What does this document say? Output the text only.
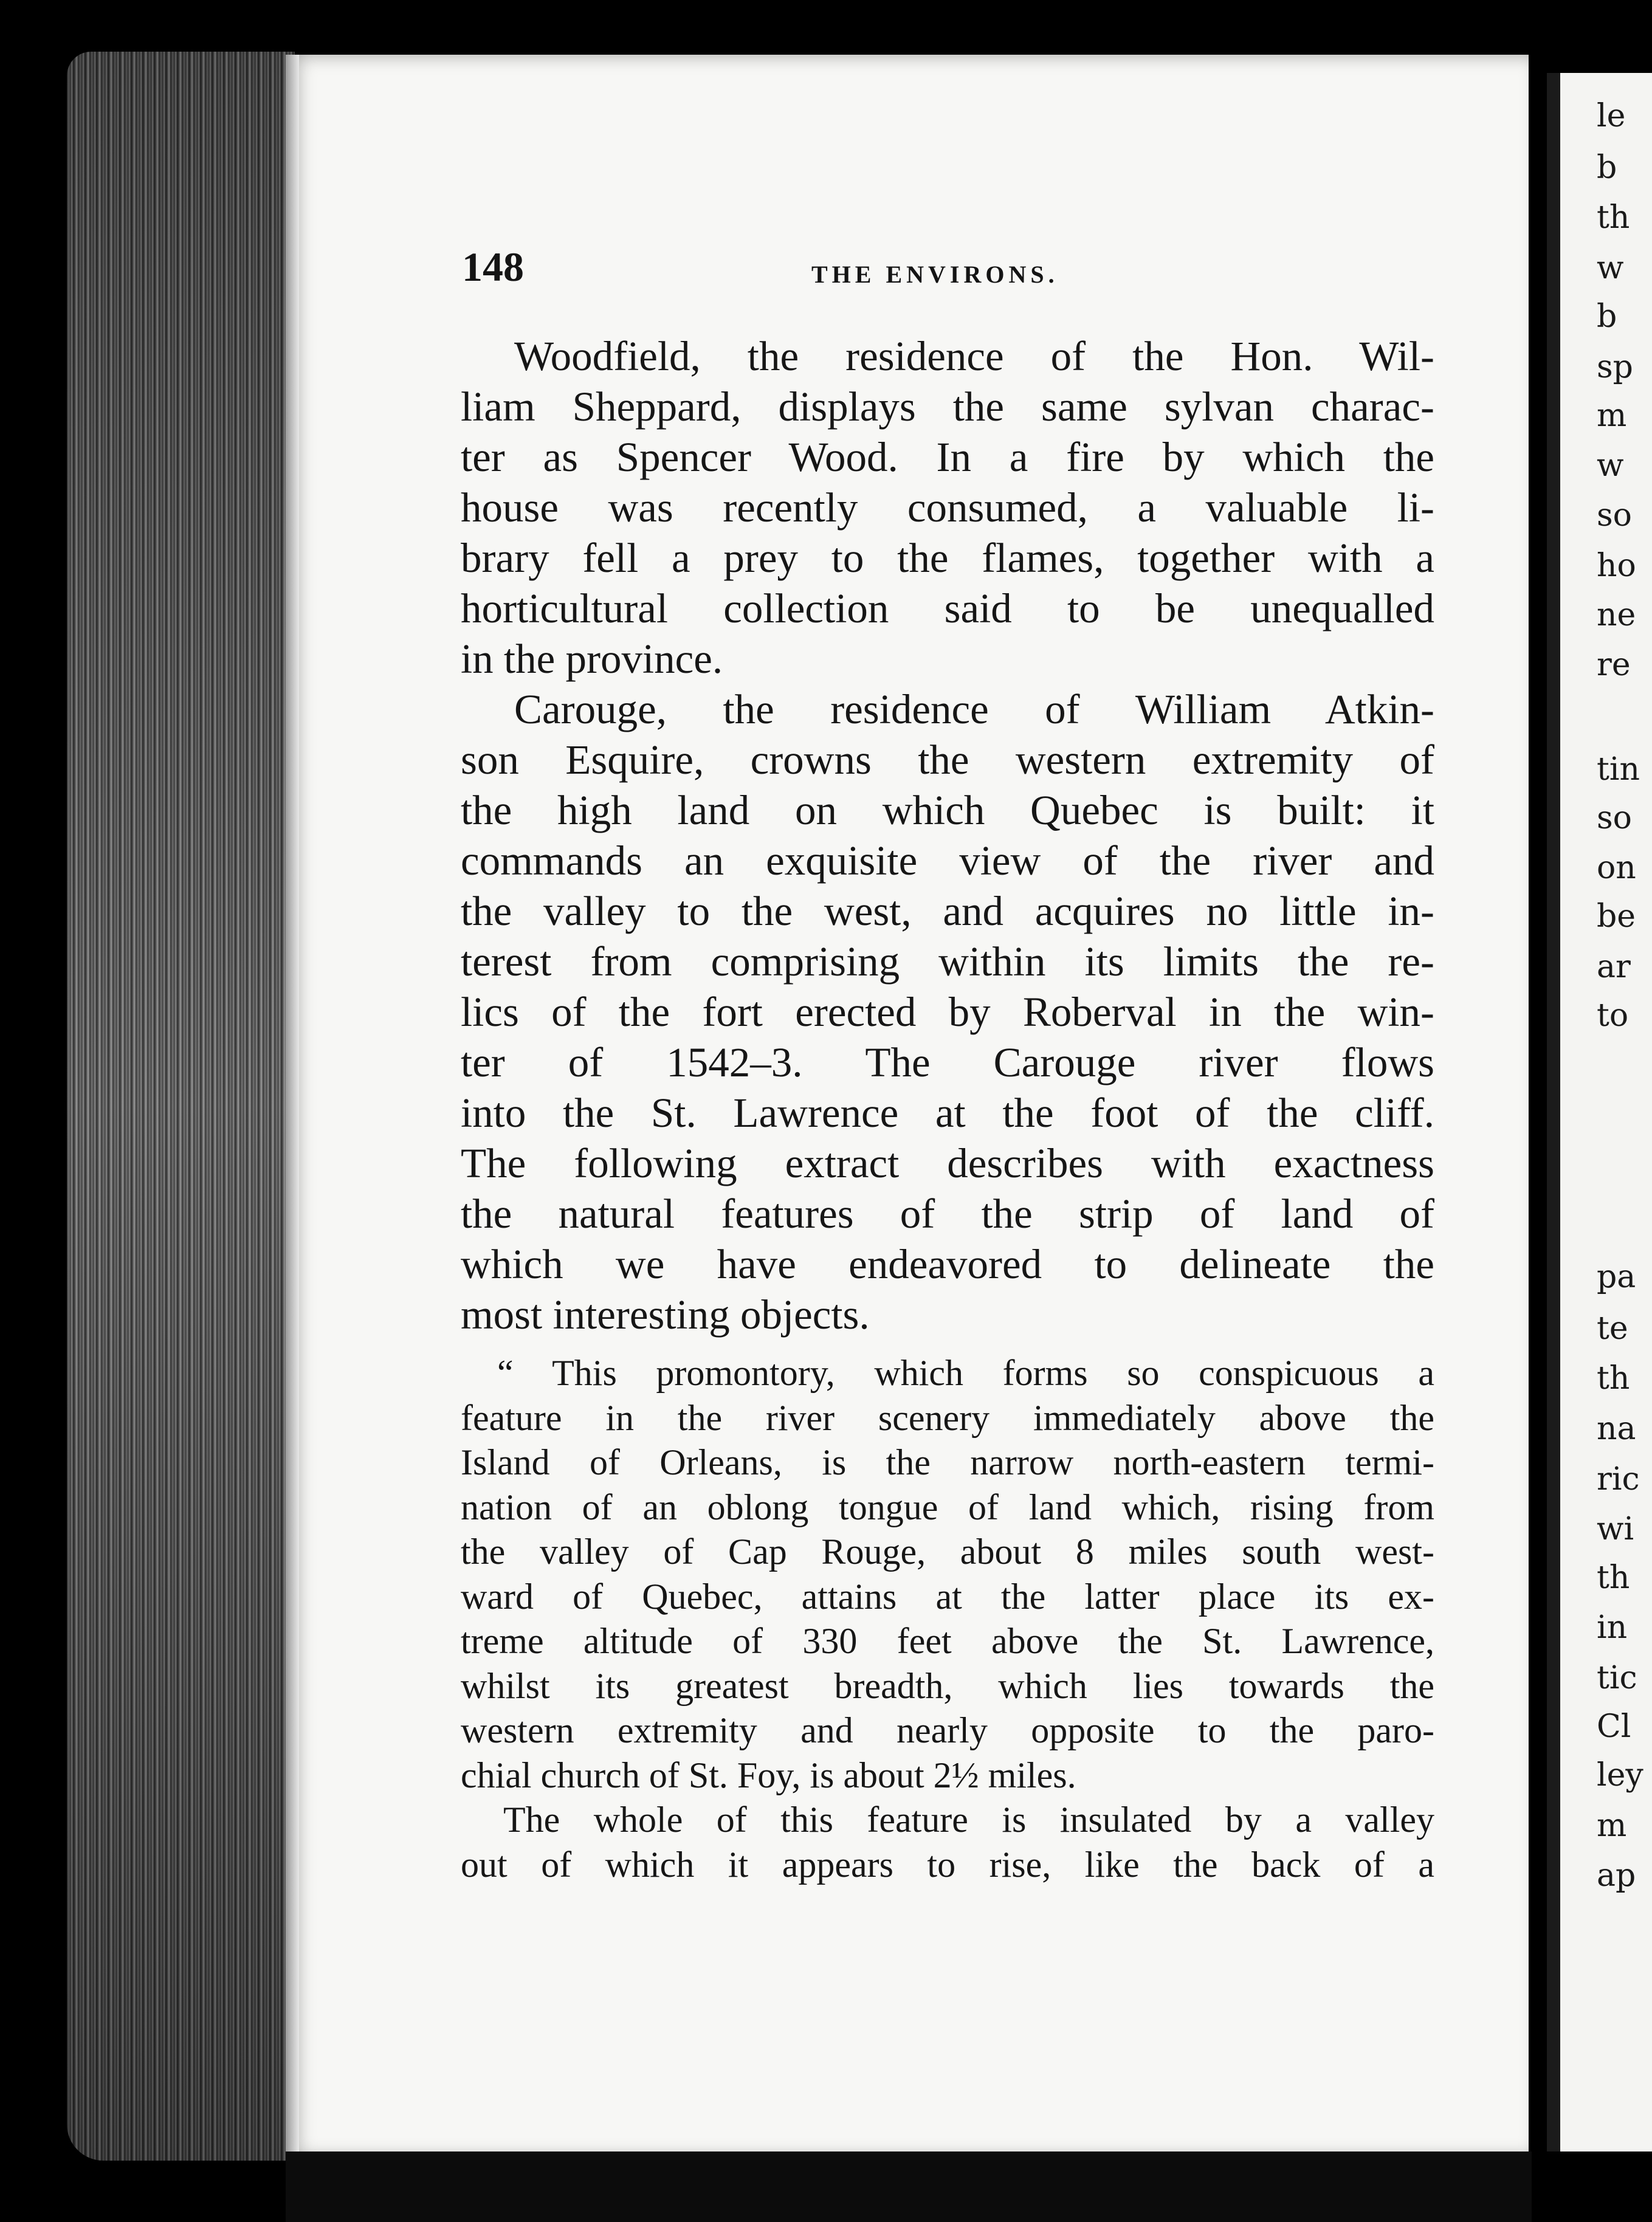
le
b
th
w
b
sp
m
w
so
ho
ne
re
tin
so
on
be
ar
to
pa
te
th
na
ric
wi
th
in
tic
Cl
ley
m
ap
148	THE ENVIRONS.
Woodfield, the residence of the Hon. Wil-
liam Sheppard, displays the same sylvan charac-
ter as Spencer Wood. In a fire by which the
house was recently consumed, a valuable li-
brary fell a prey to the flames, together with a
horticultural collection said to be unequalled
in the province.
Carouge, the residence of William Atkin-
son Esquire, crowns the western extremity of
the high land on which Quebec is built: it
commands an exquisite view of the river and
the valley to the west, and acquires no little in-
terest from comprising within its limits the re-
lics of the fort erected by Roberval in the win-
ter of 1542–3. The Carouge river flows
into the St. Lawrence at the foot of the cliff.
The following extract describes with exactness
the natural features of the strip of land of
which we have endeavored to delineate the
most interesting objects.
“ This promontory, which forms so conspicuous a
feature in the river scenery immediately above the
Island of Orleans, is the narrow north-eastern termi-
nation of an oblong tongue of land which, rising from
the valley of Cap Rouge, about 8 miles south west-
ward of Quebec, attains at the latter place its ex-
treme altitude of 330 feet above the St. Lawrence,
whilst its greatest breadth, which lies towards the
western extremity and nearly opposite to the paro-
chial church of St. Foy, is about 2½ miles.
The whole of this feature is insulated by a valley
out of which it appears to rise, like the back of a
